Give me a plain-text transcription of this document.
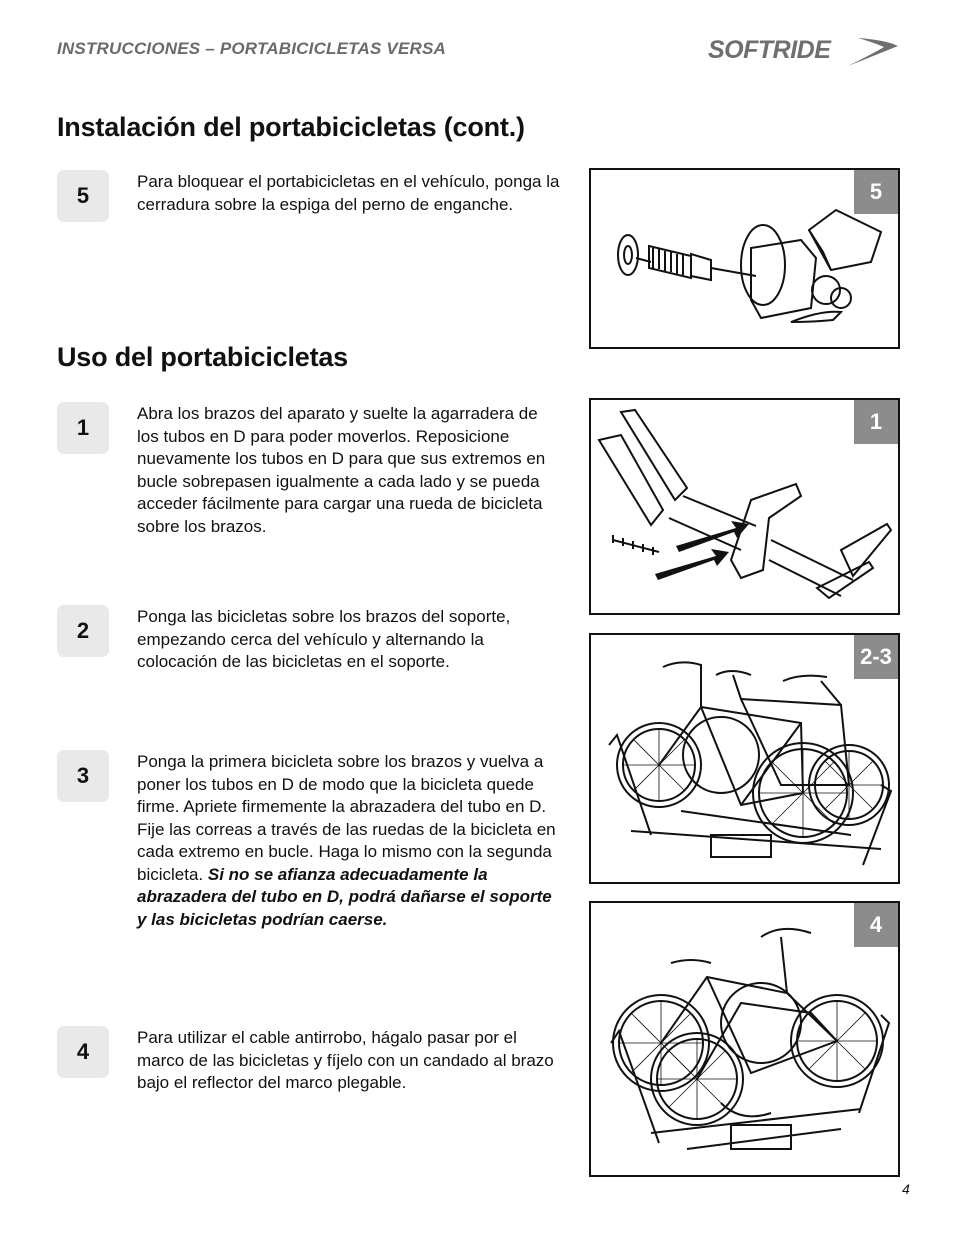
INSTRUCCIONES – PORTABICICLETAS VERSA	SOFTRIDE
Instalación del portabicicletas (cont.)
5
Para bloquear el portabicicletas en el vehículo, ponga la cerradura sobre la espiga del perno de enganche.
Uso del portabicicletas
1
Abra los brazos del aparato y suelte la agarradera de los tubos en D para poder moverlos. Reposicione nuevamente los tubos en D para que sus extremos en bucle sobrepasen igualmente a cada lado y se pueda acceder fácilmente para cargar una rueda de bicicleta sobre los brazos.
2
Ponga las bicicletas sobre los brazos del soporte, empezando cerca del vehículo y alternando la colocación de las bicicletas en el soporte.
3
Ponga la primera bicicleta sobre los brazos y vuelva a poner los tubos en D de modo que la bicicleta quede firme. Apriete firmemente la abrazadera del tubo en D. Fije las correas a través de las ruedas de la bicicleta en cada extremo en bucle. Haga lo mismo con la segunda bicicleta. Si no se afianza adecuadamente la abrazadera del tubo en D, podrá dañarse el soporte y las bicicletas podrían caerse.
4
Para utilizar el cable antirrobo, hágalo pasar por el marco de las bicicletas y fíjelo con un candado al brazo bajo el reflector del marco plegable.
5
1
2-3
4
4
